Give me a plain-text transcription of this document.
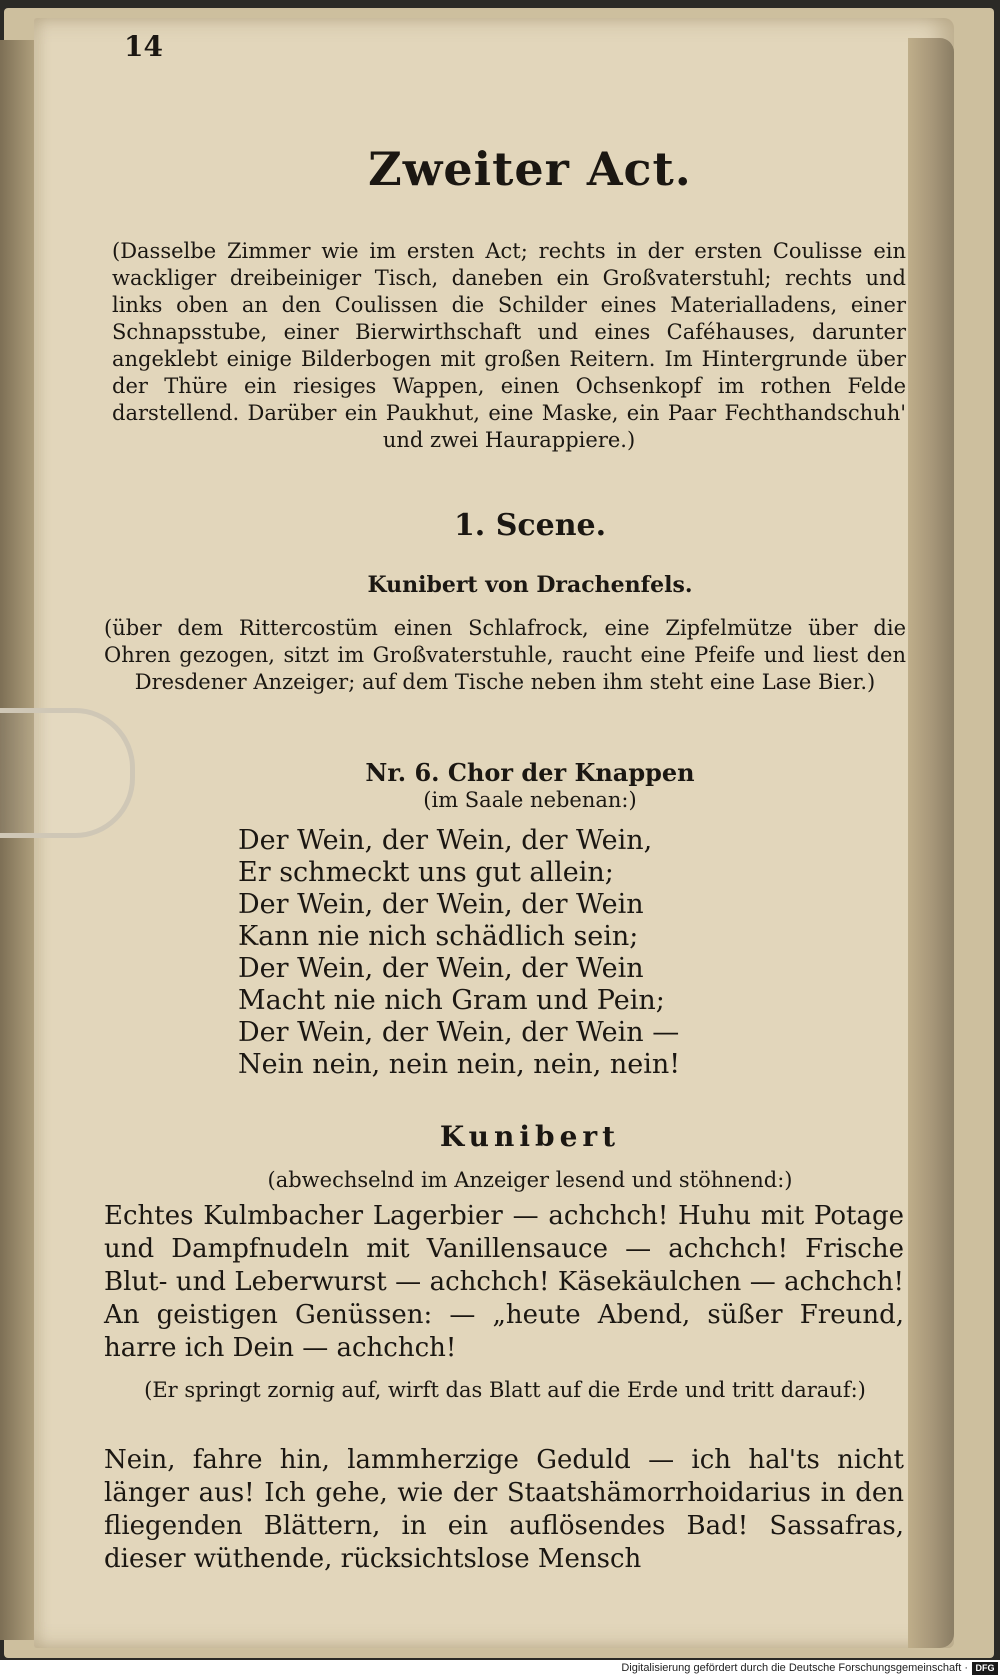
14
Zweiter Act.
(Dasselbe Zimmer wie im ersten Act; rechts in der ersten Coulisse ein wackliger dreibeiniger Tisch, daneben ein Großvaterstuhl; rechts und links oben an den Coulissen die Schilder eines Materialladens, einer Schnapsstube, einer Bierwirthschaft und eines Caféhauses, darunter angeklebt einige Bilderbogen mit großen Reitern. Im Hintergrunde über der Thüre ein riesiges Wappen, einen Ochsenkopf im rothen Felde darstellend. Darüber ein Paukhut, eine Maske, ein Paar Fechthandschuh' und zwei Haurappiere.)
1. Scene.
Kunibert von Drachenfels.
(über dem Rittercostüm einen Schlafrock, eine Zipfelmütze über die Ohren gezogen, sitzt im Großvaterstuhle, raucht eine Pfeife und liest den Dresdener Anzeiger; auf dem Tische neben ihm steht eine Lase Bier.)
Nr. 6. Chor der Knappen
(im Saale nebenan:)
Der Wein, der Wein, der Wein,
Er schmeckt uns gut allein;
Der Wein, der Wein, der Wein
Kann nie nich schädlich sein;
Der Wein, der Wein, der Wein
Macht nie nich Gram und Pein;
Der Wein, der Wein, der Wein —
Nein nein, nein nein, nein, nein!
Kunibert
(abwechselnd im Anzeiger lesend und stöhnend:)
Echtes Kulmbacher Lagerbier — achchch! Huhu mit Potage und Dampfnudeln mit Vanillensauce — achchch! Frische Blut- und Leberwurst — achchch! Käsekäulchen — achchch! An geistigen Genüssen: — „heute Abend, süßer Freund, harre ich Dein — achchch!
(Er springt zornig auf, wirft das Blatt auf die Erde und tritt darauf:)
Nein, fahre hin, lammherzige Geduld — ich hal'ts nicht länger aus! Ich gehe, wie der Staatshämorrhoidarius in den fliegenden Blättern, in ein auflösendes Bad! Sassafras, dieser wüthende, rücksichtslose Mensch
Digitalisierung gefördert durch die Deutsche Forschungsgemeinschaft · DFG
